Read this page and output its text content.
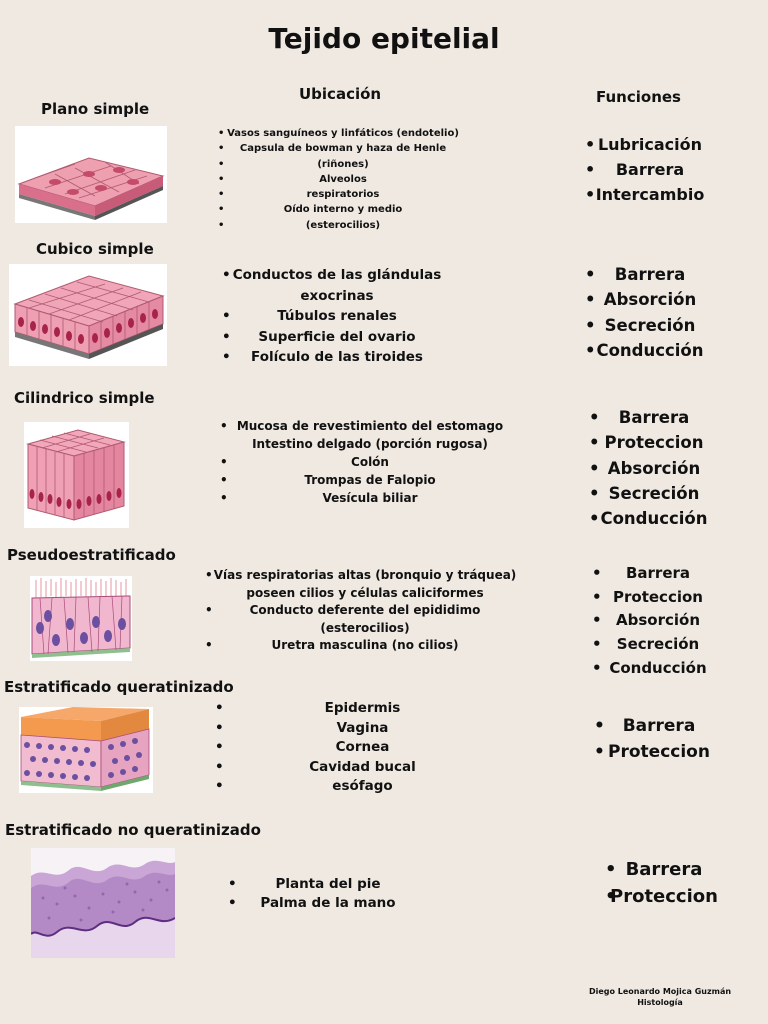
Tejido epitelial
Ubicación	Funciones
Plano simple
• Vasos sanguíneos y linfáticos (endotelio)
• Capsula de bowman y haza de Henle
• (riñones)
• Alveolos
• respiratorios
• Oído interno y medio
• (esterocilios)
• Lubricación
• Barrera
• Intercambio
Cubico simple
• Conductos de las glándulas
exocrinas
• Túbulos renales
• Superficie del ovario
• Folículo de las tiroides
• Barrera
• Absorción
• Secreción
• Conducción
Cilindrico simple
• Mucosa de revestimiento del estomago
Intestino delgado (porción rugosa)
• Colón
• Trompas de Falopio
• Vesícula biliar
• Barrera
• Proteccion
• Absorción
• Secreción
• Conducción
Pseudoestratificado
• Vías respiratorias altas (bronquio y tráquea)
poseen cilios y células caliciformes
• Conducto deferente del epididimo
(esterocilios)
• Uretra masculina (no cilios)
• Barrera
• Proteccion
• Absorción
• Secreción
• Conducción
Estratificado queratinizado
• Epidermis
• Vagina
• Cornea
• Cavidad bucal
• esófago
• Barrera
• Proteccion
Estratificado no queratinizado
• Planta del pie
• Palma de la mano
• Barrera
• Proteccion
Diego Leonardo Mojica Guzmán
Histología
